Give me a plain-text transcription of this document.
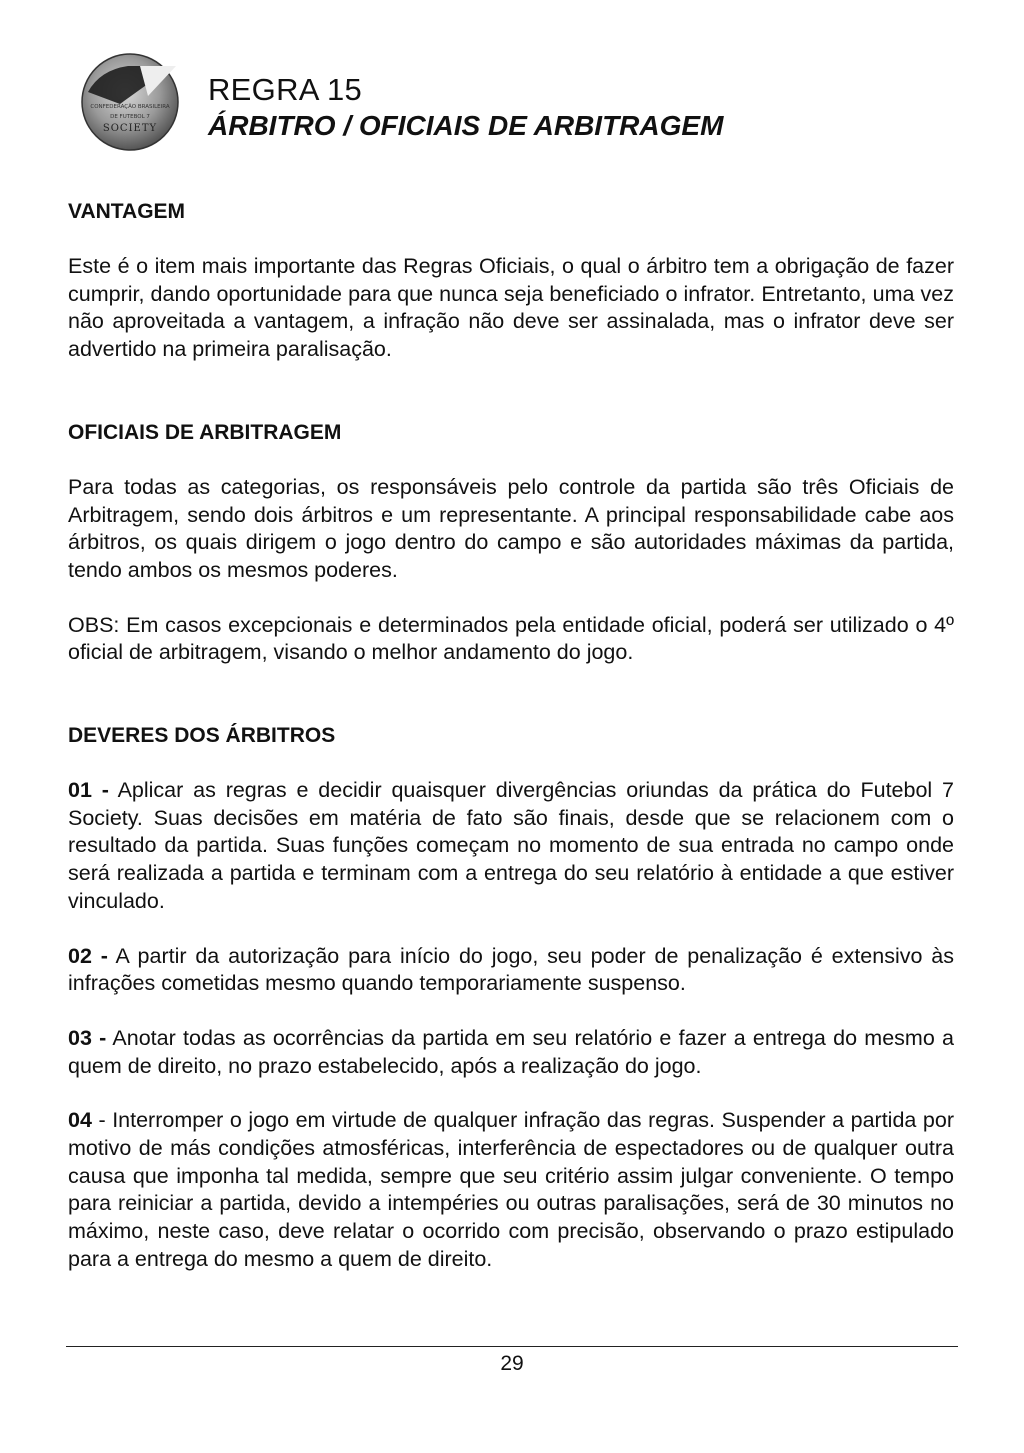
CONFEDERAÇÃO BRASILEIRA
DE FUTEBOL 7
SOCIETY
REGRA 15
ÁRBITRO / OFICIAIS DE ARBITRAGEM
VANTAGEM

Este é o item mais importante das Regras Oficiais, o qual o árbitro tem a obrigação de fazer cumprir, dando oportunidade para que nunca seja beneficiado o infrator. Entretanto, uma vez não aproveitada a vantagem, a infração não deve ser assinalada, mas o infrator deve ser advertido na primeira paralisação.

OFICIAIS DE ARBITRAGEM

Para todas as categorias, os responsáveis pelo controle da partida são três Oficiais de Arbitragem, sendo dois árbitros e um representante. A principal responsabilidade cabe aos árbitros, os quais dirigem o jogo dentro do campo e são autoridades máximas da partida, tendo ambos os mesmos poderes.

OBS: Em casos excepcionais e determinados pela entidade oficial, poderá ser utilizado o 4º oficial de arbitragem, visando o melhor andamento do jogo.

DEVERES DOS ÁRBITROS

01 - Aplicar as regras e decidir quaisquer divergências oriundas da prática do Futebol 7 Society. Suas decisões em matéria de fato são finais, desde que se relacionem com o resultado da partida. Suas funções começam no momento de sua entrada no campo onde será realizada a partida e terminam com a entrega do seu relatório à entidade a que estiver vinculado.

02 - A partir da autorização para início do jogo, seu poder de penalização é extensivo às infrações cometidas mesmo quando temporariamente suspenso.

03 - Anotar todas as ocorrências da partida em seu relatório e fazer a entrega do mesmo a quem de direito, no prazo estabelecido, após a realização do jogo.

04 - Interromper o jogo em virtude de qualquer infração das regras. Suspender a partida por motivo de más condições atmosféricas, interferência de espectadores ou de qualquer outra causa que imponha tal medida, sempre que seu critério assim julgar conveniente. O tempo para reiniciar a partida, devido a intempéries ou outras paralisações, será de 30 minutos no máximo, neste caso, deve relatar o ocorrido com precisão, observando o prazo estipulado para a entrega do mesmo a quem de direito.

29
